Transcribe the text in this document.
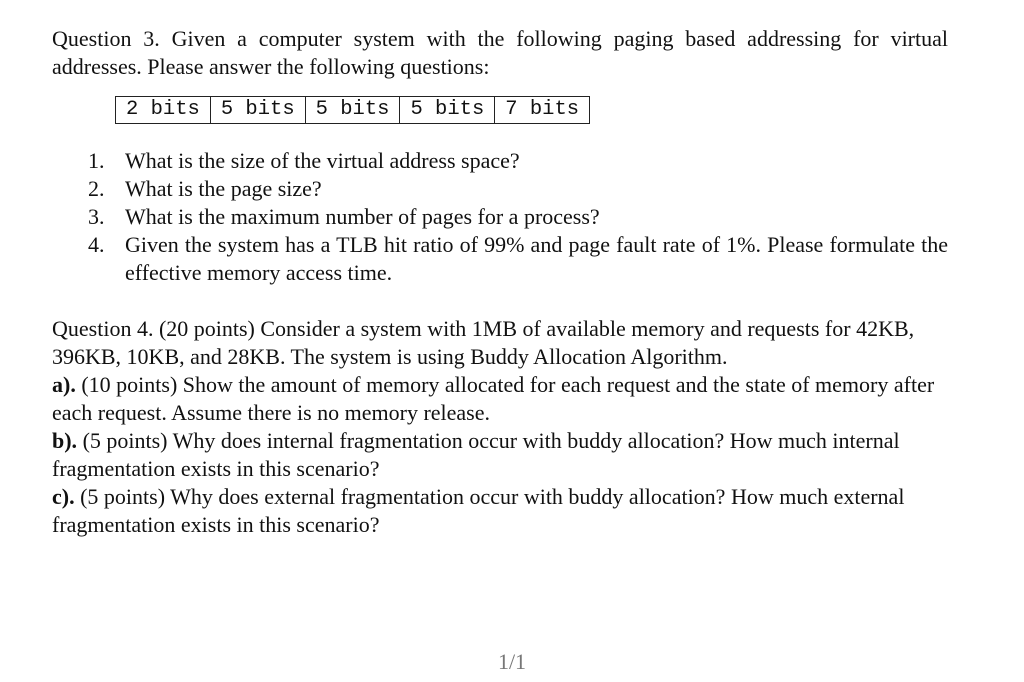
Question 3. Given a computer system with the following paging based addressing for virtual addresses. Please answer the following questions:

2 bits	5 bits	5 bits	5 bits	7 bits
1. What is the size of the virtual address space?
2. What is the page size?
3. What is the maximum number of pages for a process?
4. Given the system has a TLB hit ratio of 99% and page fault rate of 1%. Please formulate the effective memory access time.

Question 4. (20 points) Consider a system with 1MB of available memory and requests for 42KB, 396KB, 10KB, and 28KB. The system is using Buddy Allocation Algorithm.

a). (10 points) Show the amount of memory allocated for each request and the state of memory after each request. Assume there is no memory release.

b). (5 points) Why does internal fragmentation occur with buddy allocation? How much internal fragmentation exists in this scenario?

c). (5 points) Why does external fragmentation occur with buddy allocation? How much external fragmentation exists in this scenario?

1/1
